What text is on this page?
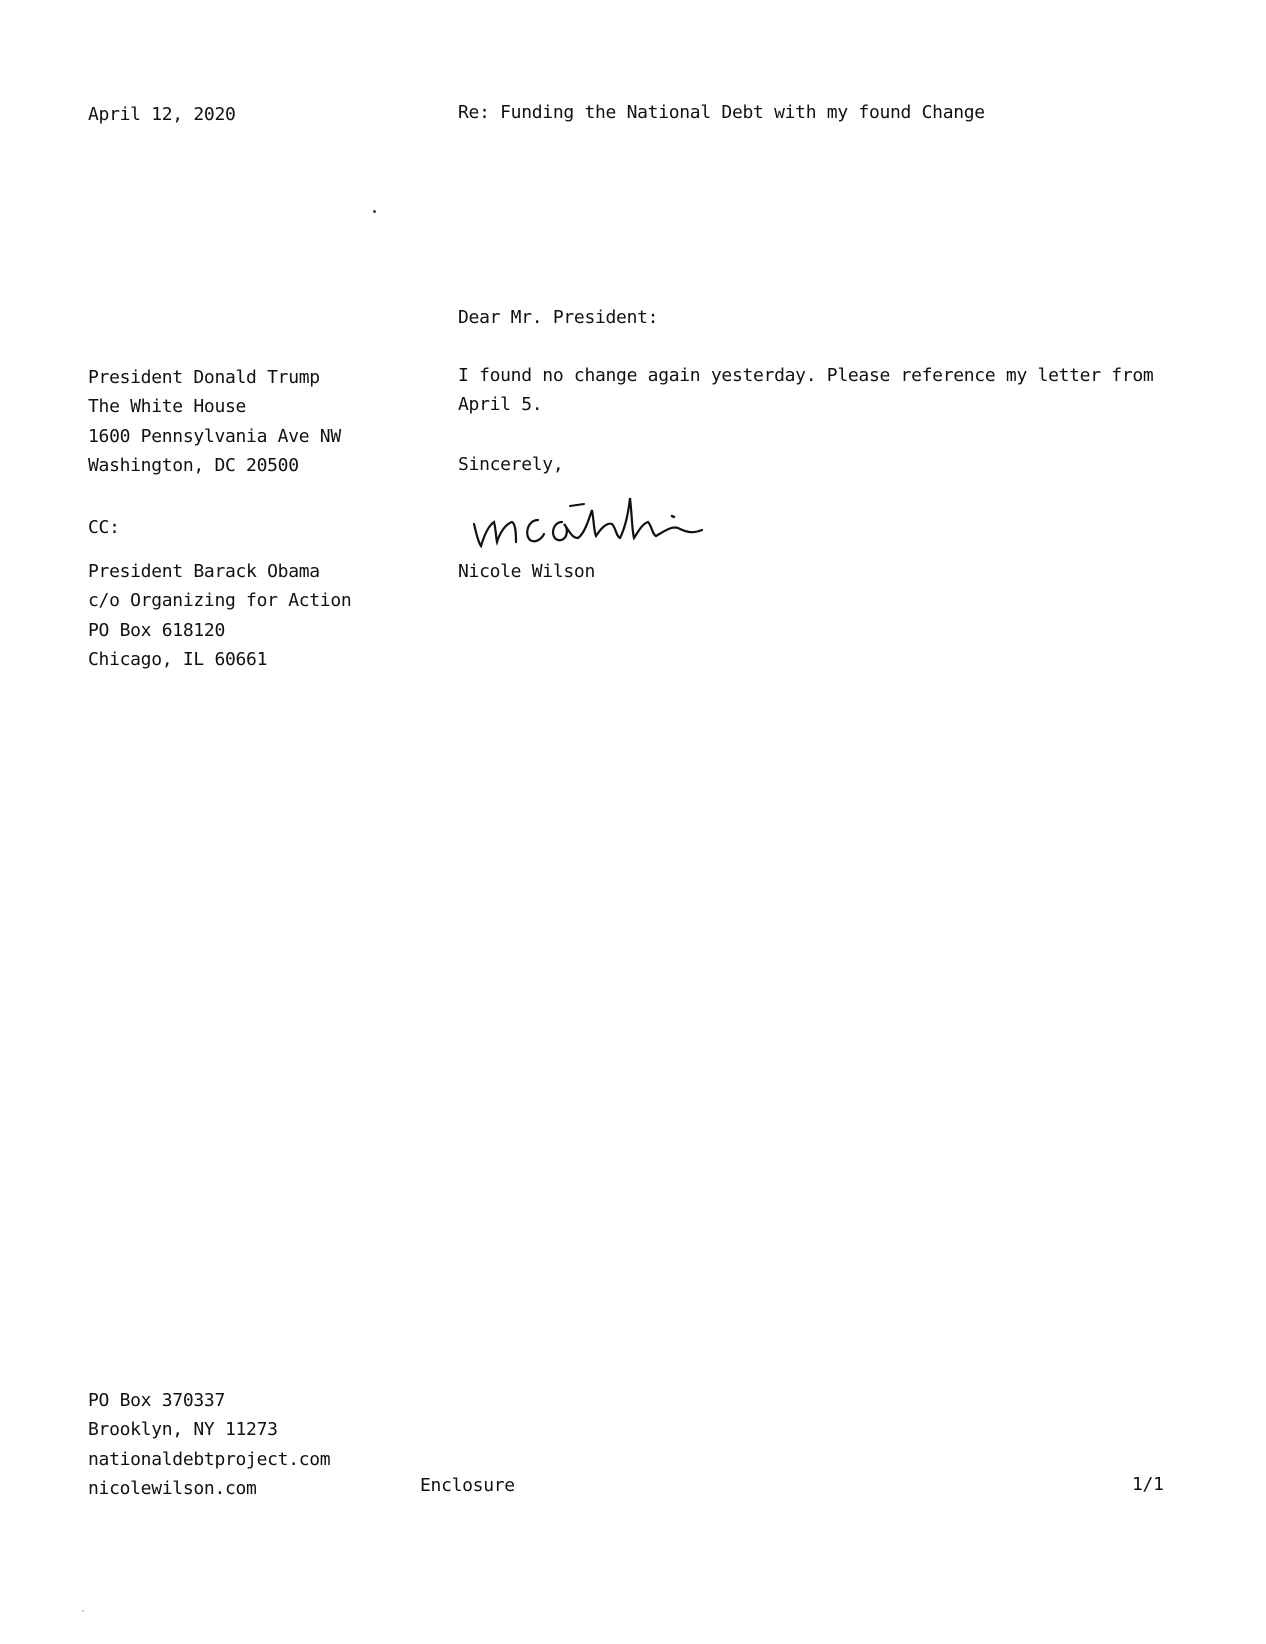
April 12, 2020	Re: Funding the National Debt with my found Change
Dear Mr. President:
President Donald Trump
The White House
1600 Pennsylvania Ave NW
Washington, DC 20500
I found no change again yesterday. Please reference my letter from
April 5.
Sincerely,
CC:
Nicole Wilson
President Barack Obama
c/o Organizing for Action
PO Box 618120
Chicago, IL 60661
PO Box 370337
Brooklyn, NY 11273
nationaldebtproject.com
nicolewilson.com	Enclosure	1/1
